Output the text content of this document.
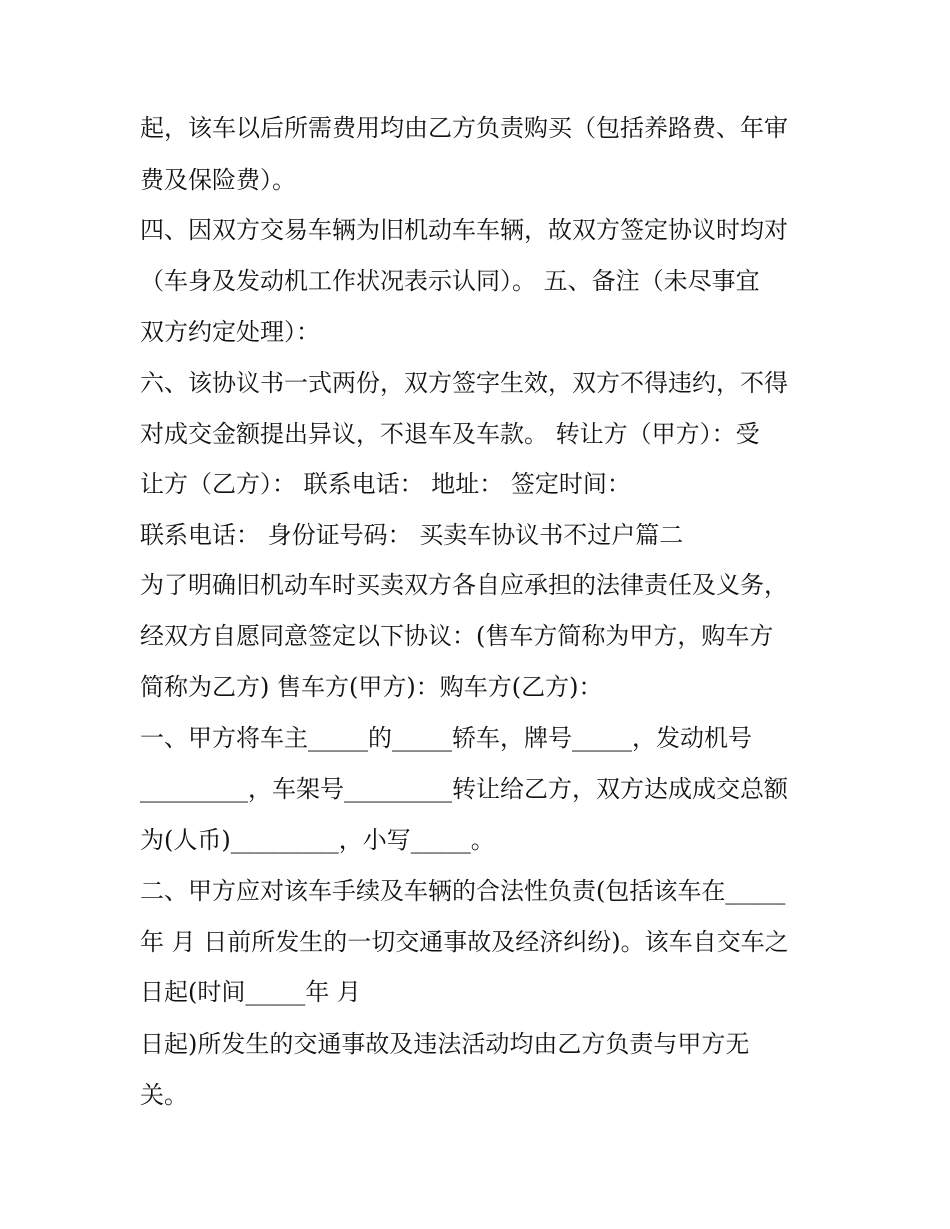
起，该车以后所需费用均由乙方负责购买（包括养路费、年审
费及保险费）。
四、因双方交易车辆为旧机动车车辆，故双方签定协议时均对
（车身及发动机工作状况表示认同）。 五、备注（未尽事宜
双方约定处理）：
六、该协议书一式两份，双方签字生效，双方不得违约，不得
对成交金额提出异议，不退车及车款。 转让方（甲方）：受
让方（乙方）： 联系电话： 地址： 签定时间：
联系电话： 身份证号码： 买卖车协议书不过户篇二
为了明确旧机动车时买卖双方各自应承担的法律责任及义务，
经双方自愿同意签定以下协议：(售车方简称为甲方，购车方
简称为乙方) 售车方(甲方)：购车方(乙方)：
一、甲方将车主_____的_____轿车，牌号_____，发动机号
_________，车架号_________转让给乙方，双方达成成交总额
为(人币)_________，小写_____。
二、甲方应对该车手续及车辆的合法性负责(包括该车在_____
年 月 日前所发生的一切交通事故及经济纠纷)。该车自交车之
日起(时间_____年 月
日起)所发生的交通事故及违法活动均由乙方负责与甲方无
关。
